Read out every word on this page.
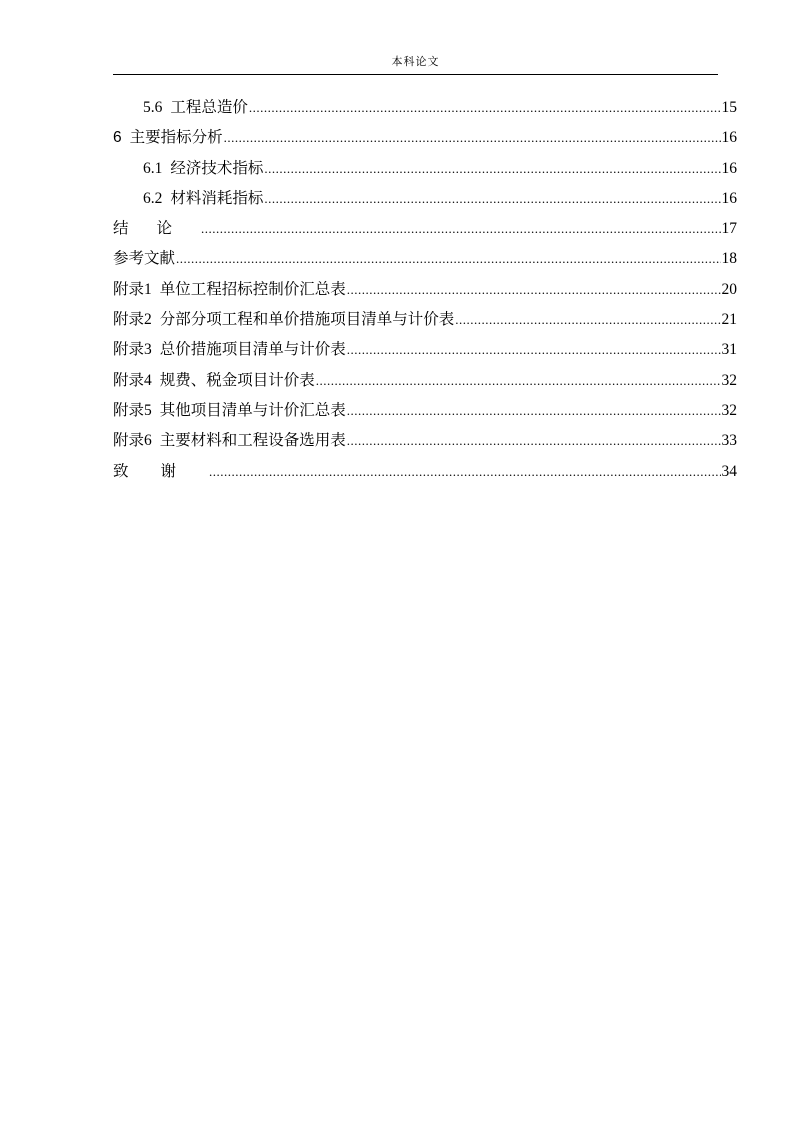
本科论文
5.6 工程总造价 .....	15
6 主要指标分析 .....	16
6.1 经济技术指标 .....	16
6.2 材料消耗指标 .....	16
结论 .....	17
参考文献 .....	18
附录1 单位工程招标控制价汇总表 .....	20
附录2 分部分项工程和单价措施项目清单与计价表 .....	21
附录3 总价措施项目清单与计价表 .....	31
附录4 规费、税金项目计价表 .....	32
附录5 其他项目清单与计价汇总表 .....	32
附录6 主要材料和工程设备选用表 .....	33
致谢 .....	34
